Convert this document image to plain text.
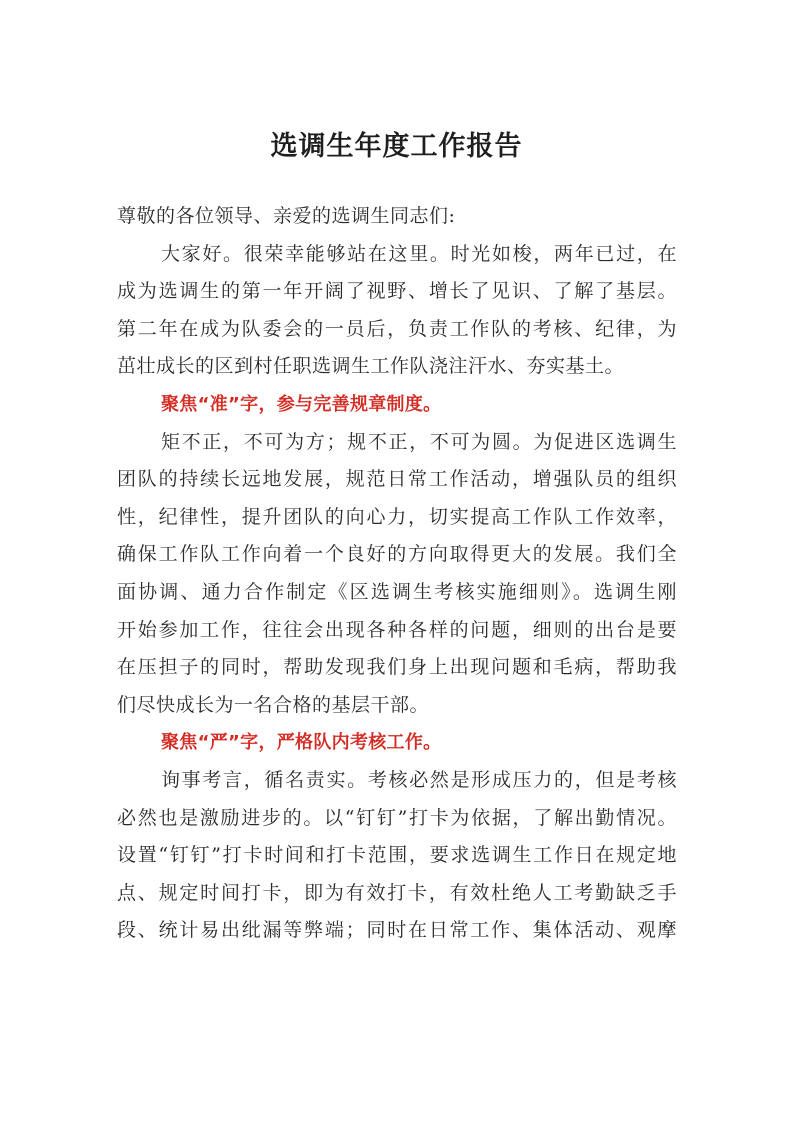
选调生年度工作报告
尊敬的各位领导、亲爱的选调生同志们:
大家好。很荣幸能够站在这里。时光如梭，两年已过，在
成为选调生的第一年开阔了视野、增长了见识、了解了基层。
第二年在成为队委会的一员后，负责工作队的考核、纪律，为
茁壮成长的区到村任职选调生工作队浇注汗水、夯实基土。
聚焦“准”字，参与完善规章制度。
矩不正，不可为方；规不正，不可为圆。为促进区选调生
团队的持续长远地发展，规范日常工作活动，增强队员的组织
性，纪律性，提升团队的向心力，切实提高工作队工作效率，
确保工作队工作向着一个良好的方向取得更大的发展。我们全
面协调、通力合作制定《区选调生考核实施细则》。选调生刚
开始参加工作，往往会出现各种各样的问题，细则的出台是要
在压担子的同时，帮助发现我们身上出现问题和毛病，帮助我
们尽快成长为一名合格的基层干部。
聚焦“严”字，严格队内考核工作。
询事考言，循名责实。考核必然是形成压力的，但是考核
必然也是激励进步的。以“钉钉”打卡为依据，了解出勤情况。
设置“钉钉”打卡时间和打卡范围，要求选调生工作日在规定地
点、规定时间打卡，即为有效打卡，有效杜绝人工考勤缺乏手
段、统计易出纰漏等弊端；同时在日常工作、集体活动、观摩
